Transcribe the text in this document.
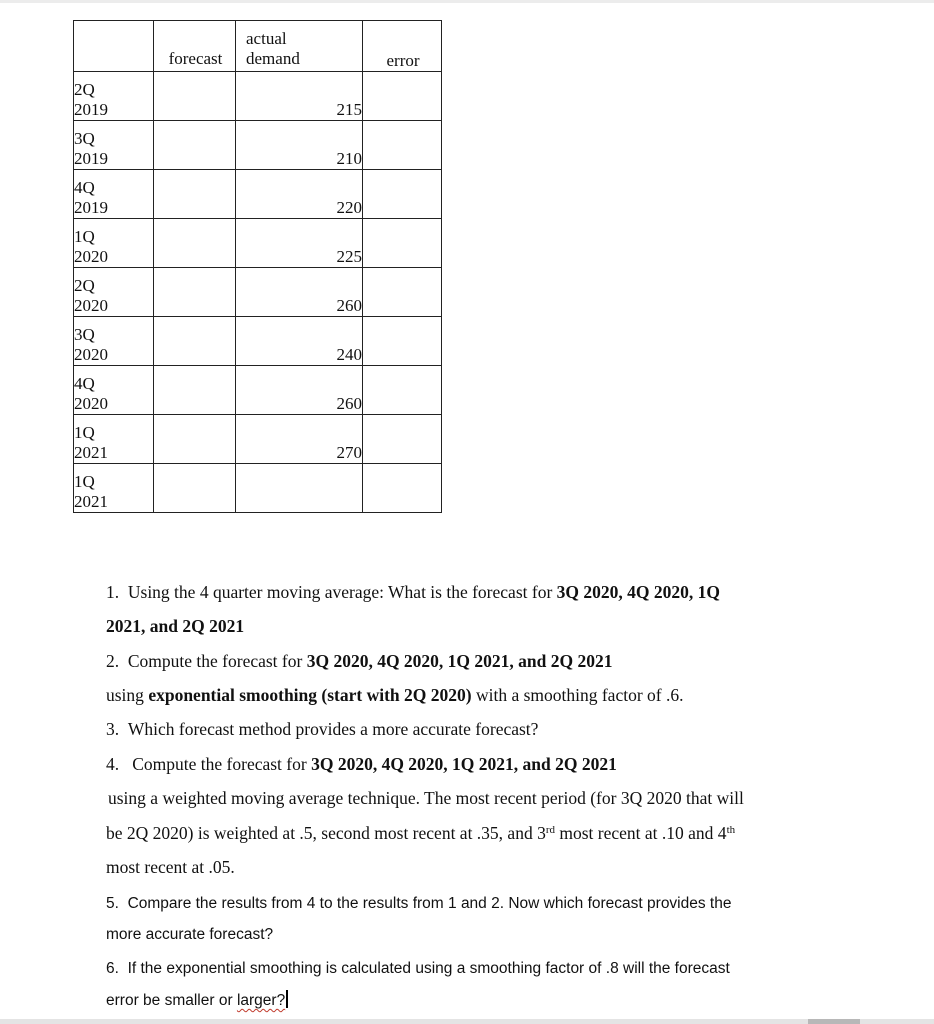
	forecast	actual
demand	error

2Q
2019		215	

3Q
2019		210	

4Q
2019		220	

1Q
2020		225	

2Q
2020		260	

3Q
2020		240	

4Q
2020		260	

1Q
2021		270	

1Q
2021			

1. Using the 4 quarter moving average: What is the forecast for 3Q 2020, 4Q 2020, 1Q
2021, and 2Q 2021
2. Compute the forecast for 3Q 2020, 4Q 2020, 1Q 2021, and 2Q 2021
using exponential smoothing (start with 2Q 2020) with a smoothing factor of .6.
3. Which forecast method provides a more accurate forecast?
4. Compute the forecast for 3Q 2020, 4Q 2020, 1Q 2021, and 2Q 2021
using a weighted moving average technique. The most recent period (for 3Q 2020 that will
be 2Q 2020) is weighted at .5, second most recent at .35, and 3rd most recent at .10 and 4th
most recent at .05.
5. Compare the results from 4 to the results from 1 and 2. Now which forecast provides the
more accurate forecast?
6. If the exponential smoothing is calculated using a smoothing factor of .8 will the forecast
error be smaller or larger?
